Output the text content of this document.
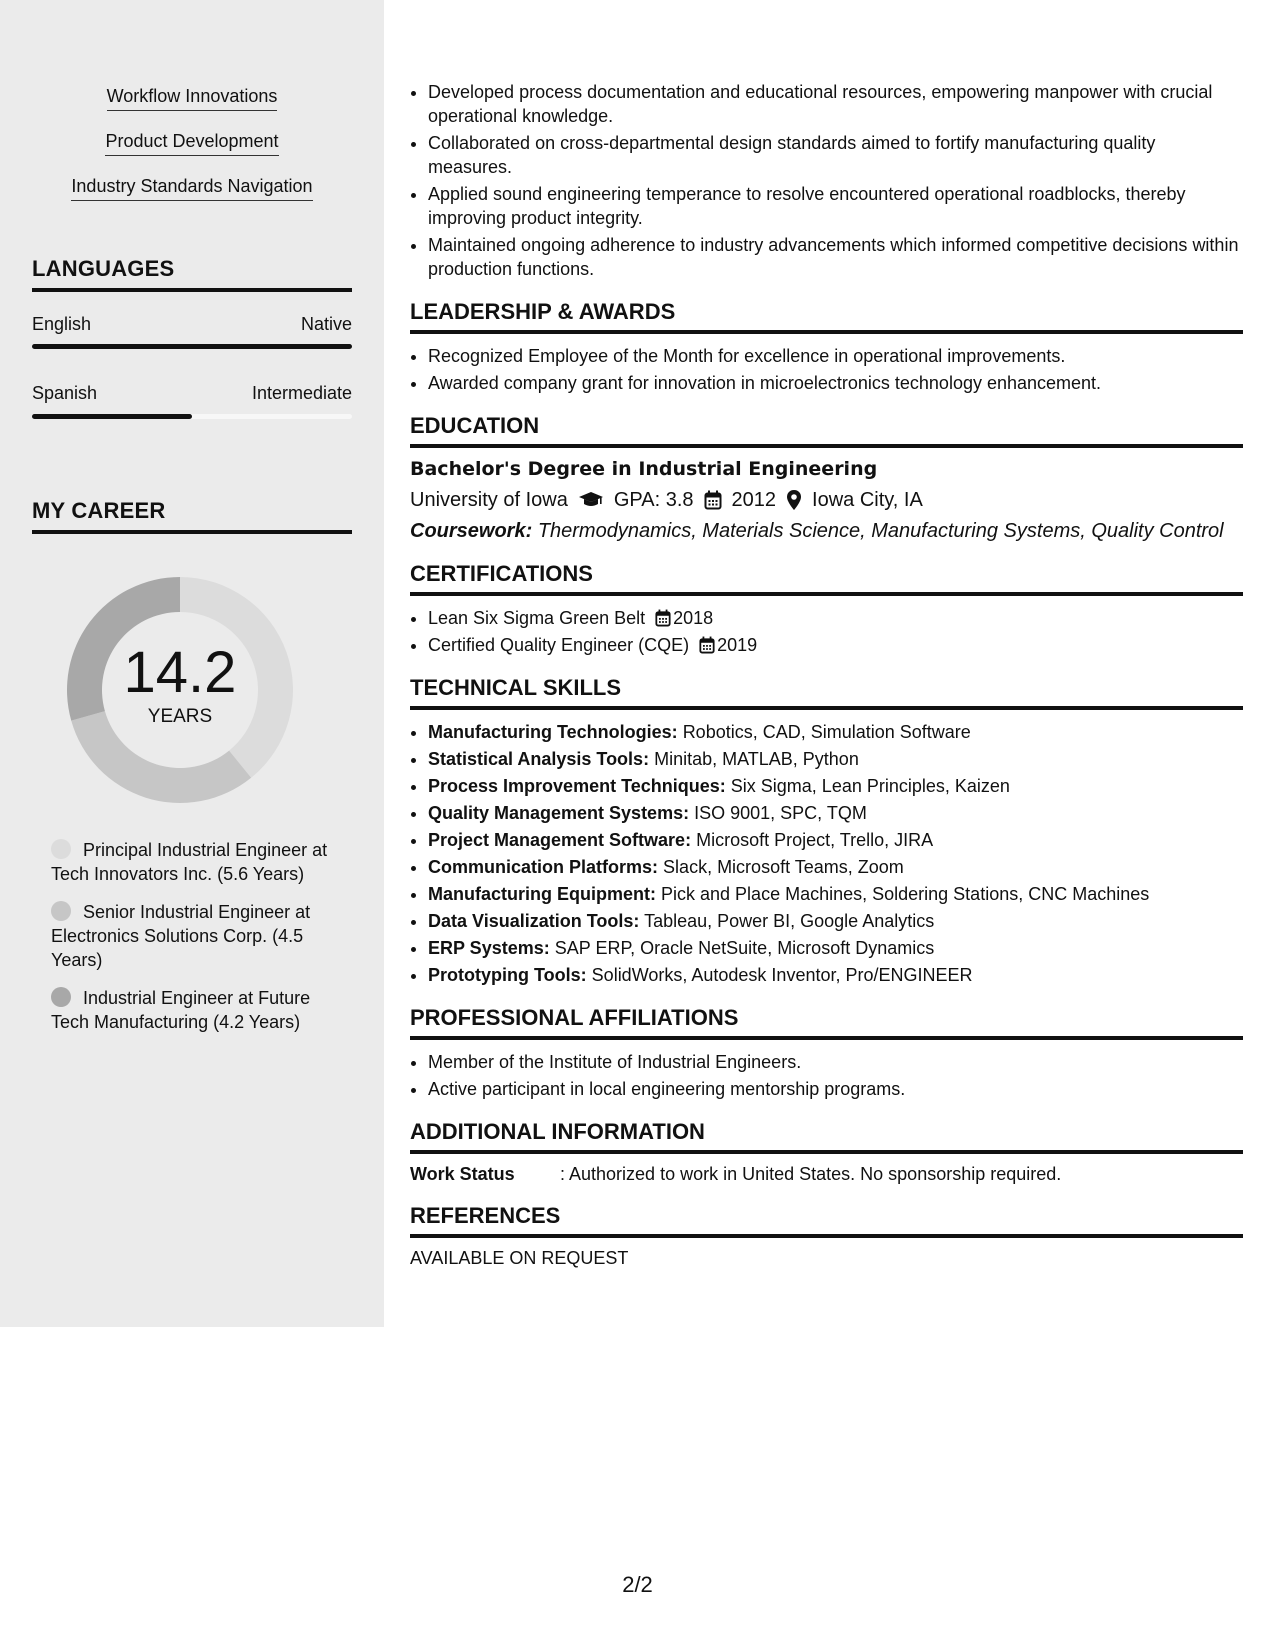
Workflow Innovations
Product Development
Industry Standards Navigation
LANGUAGES
English	Native
Spanish	Intermediate
MY CAREER
14.2
YEARS
Principal Industrial Engineer at Tech Innovators Inc. (5.6 Years)
Senior Industrial Engineer at Electronics Solutions Corp. (4.5 Years)
Industrial Engineer at Future Tech Manufacturing (4.2 Years)
• Developed process documentation and educational resources, empowering manpower with crucial operational knowledge.
• Collaborated on cross-departmental design standards aimed to fortify manufacturing quality measures.
• Applied sound engineering temperance to resolve encountered operational roadblocks, thereby improving product integrity.
• Maintained ongoing adherence to industry advancements which informed competitive decisions within production functions.
LEADERSHIP & AWARDS
• Recognized Employee of the Month for excellence in operational improvements.
• Awarded company grant for innovation in microelectronics technology enhancement.
EDUCATION
Bachelor's Degree in Industrial Engineering
University of Iowa GPA: 3.8 2012 Iowa City, IA
Coursework: Thermodynamics, Materials Science, Manufacturing Systems, Quality Control
CERTIFICATIONS
• Lean Six Sigma Green Belt 2018
• Certified Quality Engineer (CQE) 2019
TECHNICAL SKILLS
• Manufacturing Technologies: Robotics, CAD, Simulation Software
• Statistical Analysis Tools: Minitab, MATLAB, Python
• Process Improvement Techniques: Six Sigma, Lean Principles, Kaizen
• Quality Management Systems: ISO 9001, SPC, TQM
• Project Management Software: Microsoft Project, Trello, JIRA
• Communication Platforms: Slack, Microsoft Teams, Zoom
• Manufacturing Equipment: Pick and Place Machines, Soldering Stations, CNC Machines
• Data Visualization Tools: Tableau, Power BI, Google Analytics
• ERP Systems: SAP ERP, Oracle NetSuite, Microsoft Dynamics
• Prototyping Tools: SolidWorks, Autodesk Inventor, Pro/ENGINEER
PROFESSIONAL AFFILIATIONS
• Member of the Institute of Industrial Engineers.
• Active participant in local engineering mentorship programs.
ADDITIONAL INFORMATION
Work Status	: Authorized to work in United States. No sponsorship required.
REFERENCES
AVAILABLE ON REQUEST
2/2
